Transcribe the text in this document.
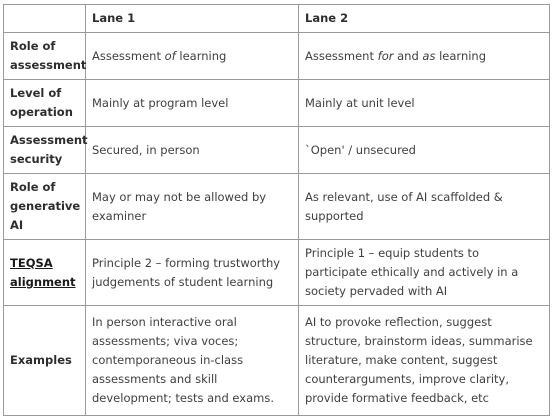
	Lane 1	Lane 2
Role of assessment	Assessment of learning	Assessment for and as learning
Level of operation	Mainly at program level	Mainly at unit level
Assessment security	Secured, in person	`Open' / unsecured
Role of generative AI	May or may not be allowed by examiner	As relevant, use of AI scaffolded & supported
TEQSA alignment	Principle 2 – forming trustworthy judgements of student learning	Principle 1 – equip students to participate ethically and actively in a society pervaded with AI
Examples	In person interactive oral assessments; viva voces; contemporaneous in-class assessments and skill development; tests and exams.	AI to provoke reflection, suggest structure, brainstorm ideas, summarise literature, make content, suggest counterarguments, improve clarity, provide formative feedback, etc
